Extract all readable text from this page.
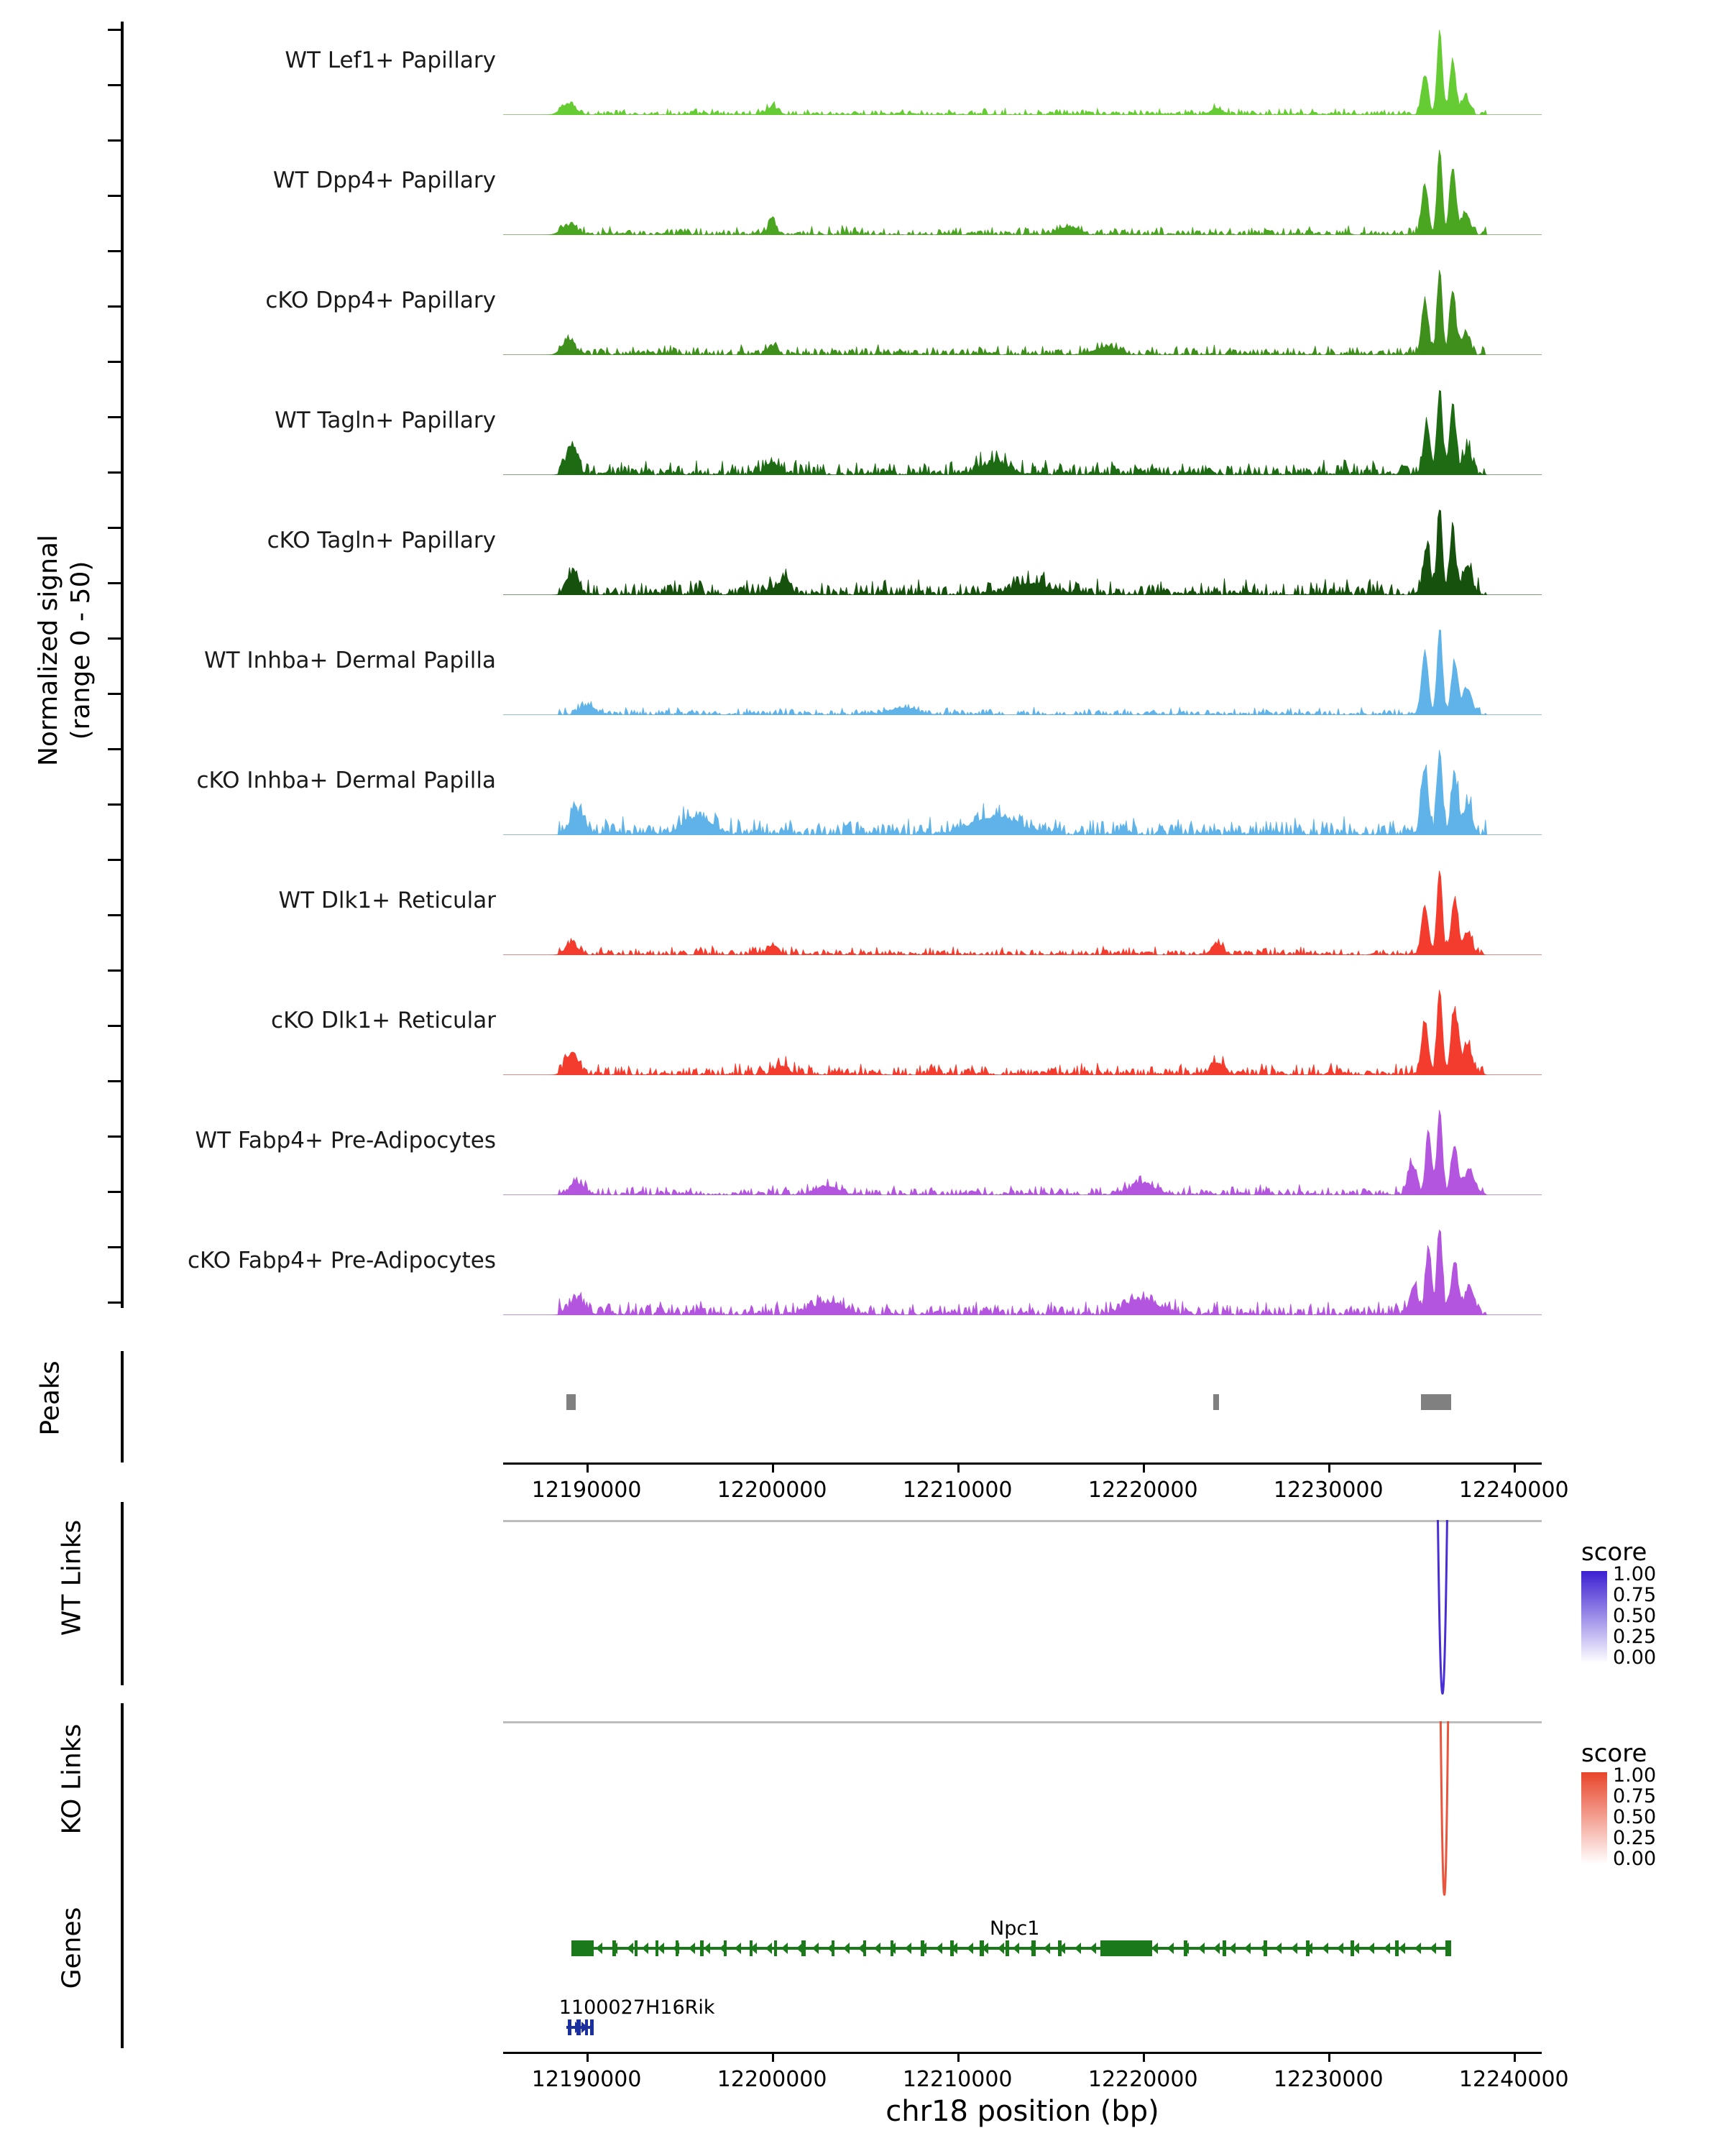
Normalized signal (range 0 - 50)
WT Lef1+ Papillary
WT Dpp4+ Papillary
cKO Dpp4+ Papillary
WT Tagln+ Papillary
cKO Tagln+ Papillary
WT Inhba+ Dermal Papilla
cKO Inhba+ Dermal Papilla
WT Dlk1+ Reticular
cKO Dlk1+ Reticular
WT Fabp4+ Pre-Adipocytes
cKO Fabp4+ Pre-Adipocytes
Peaks
12190000	12200000	12210000	12220000	12230000	12240000
WT Links	score
1.00
0.75
0.50
0.25
0.00
KO Links	score
1.00
0.75
0.50
0.25
0.00
Genes	Npc1
1100027H16Rik
12190000	12200000	12210000	12220000	12230000	12240000
chr18 position (bp)
